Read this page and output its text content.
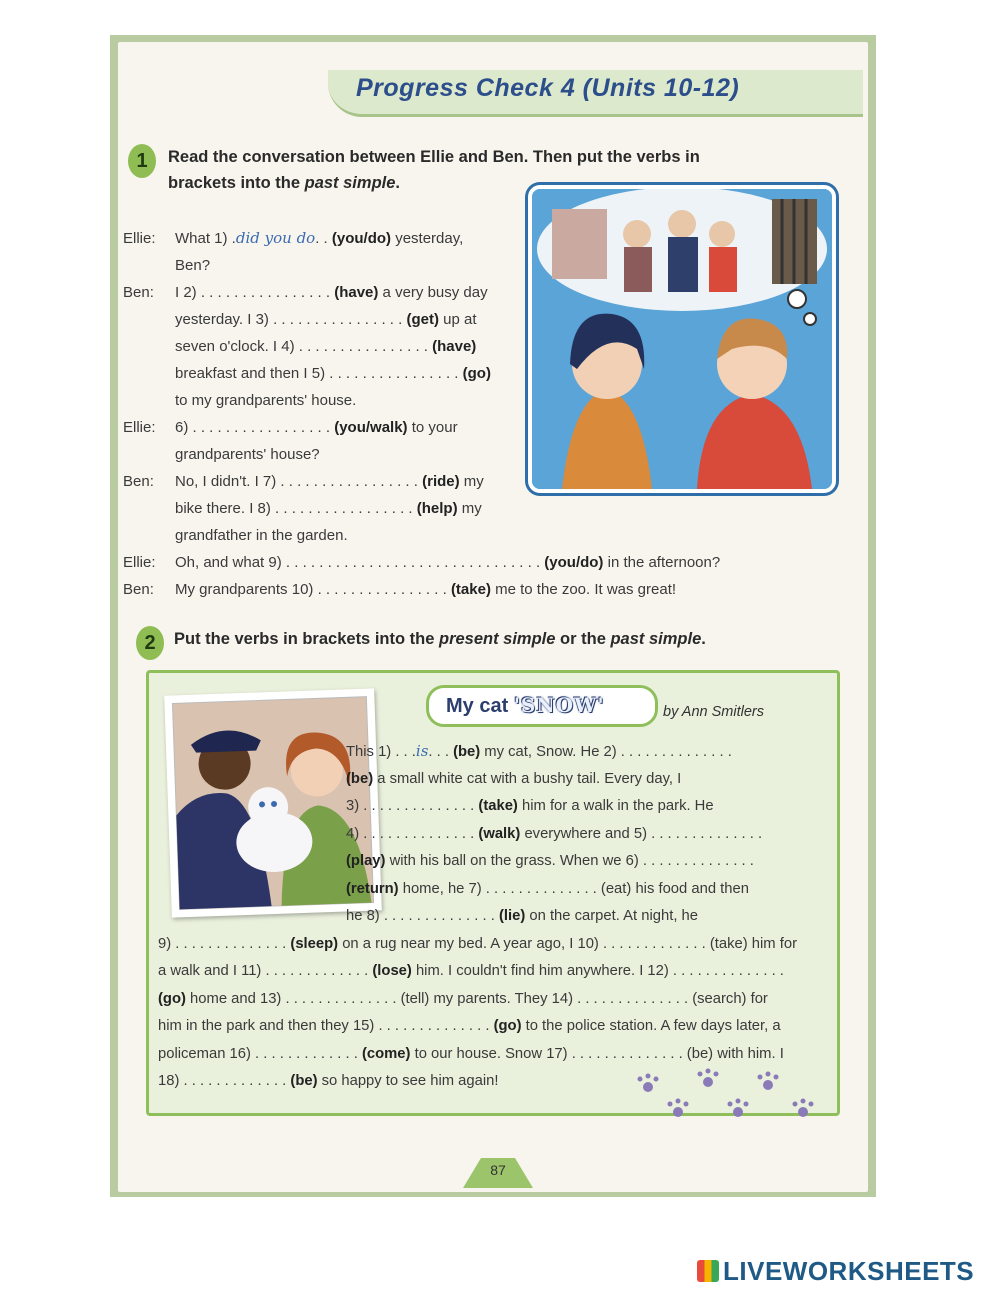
Progress Check 4 (Units 10-12)
1	Read the conversation between Ellie and Ben. Then put the verbs in
brackets into the past simple.
Ellie:	What 1) .did you do. . (you/do) yesterday,
Ben?
Ben:	I 2) . . . . . . . . . . . . . . . . (have) a very busy day
yesterday. I 3) . . . . . . . . . . . . . . . . (get) up at
seven o'clock. I 4) . . . . . . . . . . . . . . . . (have)
breakfast and then I 5) . . . . . . . . . . . . . . . . (go)
to my grandparents' house.
Ellie:	6) . . . . . . . . . . . . . . . . . (you/walk) to your
grandparents' house?
Ben:	No, I didn't. I 7) . . . . . . . . . . . . . . . . . (ride) my
bike there. I 8) . . . . . . . . . . . . . . . . . (help) my
grandfather in the garden.
Ellie:	Oh, and what 9) . . . . . . . . . . . . . . . . . . . . . . . . . . . . . . . (you/do) in the afternoon?
Ben:	My grandparents 10) . . . . . . . . . . . . . . . . (take) me to the zoo. It was great!
2	Put the verbs in brackets into the present simple or the past simple.
My cat 'SNOW'	by Ann Smitlers
This 1) . . .is. . . (be) my cat, Snow. He 2) . . . . . . . . . . . . . .
(be) a small white cat with a bushy tail. Every day, I
3) . . . . . . . . . . . . . . (take) him for a walk in the park. He
4) . . . . . . . . . . . . . . (walk) everywhere and 5) . . . . . . . . . . . . . .
(play) with his ball on the grass. When we 6) . . . . . . . . . . . . . .
(return) home, he 7) . . . . . . . . . . . . . . (eat) his food and then
he 8) . . . . . . . . . . . . . . (lie) on the carpet. At night, he
9) . . . . . . . . . . . . . . (sleep) on a rug near my bed. A year ago, I 10) . . . . . . . . . . . . . (take) him for
a walk and I 11) . . . . . . . . . . . . . (lose) him. I couldn't find him anywhere. I 12) . . . . . . . . . . . . . .
(go) home and 13) . . . . . . . . . . . . . . (tell) my parents. They 14) . . . . . . . . . . . . . . (search) for
him in the park and then they 15) . . . . . . . . . . . . . . (go) to the police station. A few days later, a
policeman 16) . . . . . . . . . . . . . (come) to our house. Snow 17) . . . . . . . . . . . . . . (be) with him. I
18) . . . . . . . . . . . . . (be) so happy to see him again!
87
LIVEWORKSHEETS
